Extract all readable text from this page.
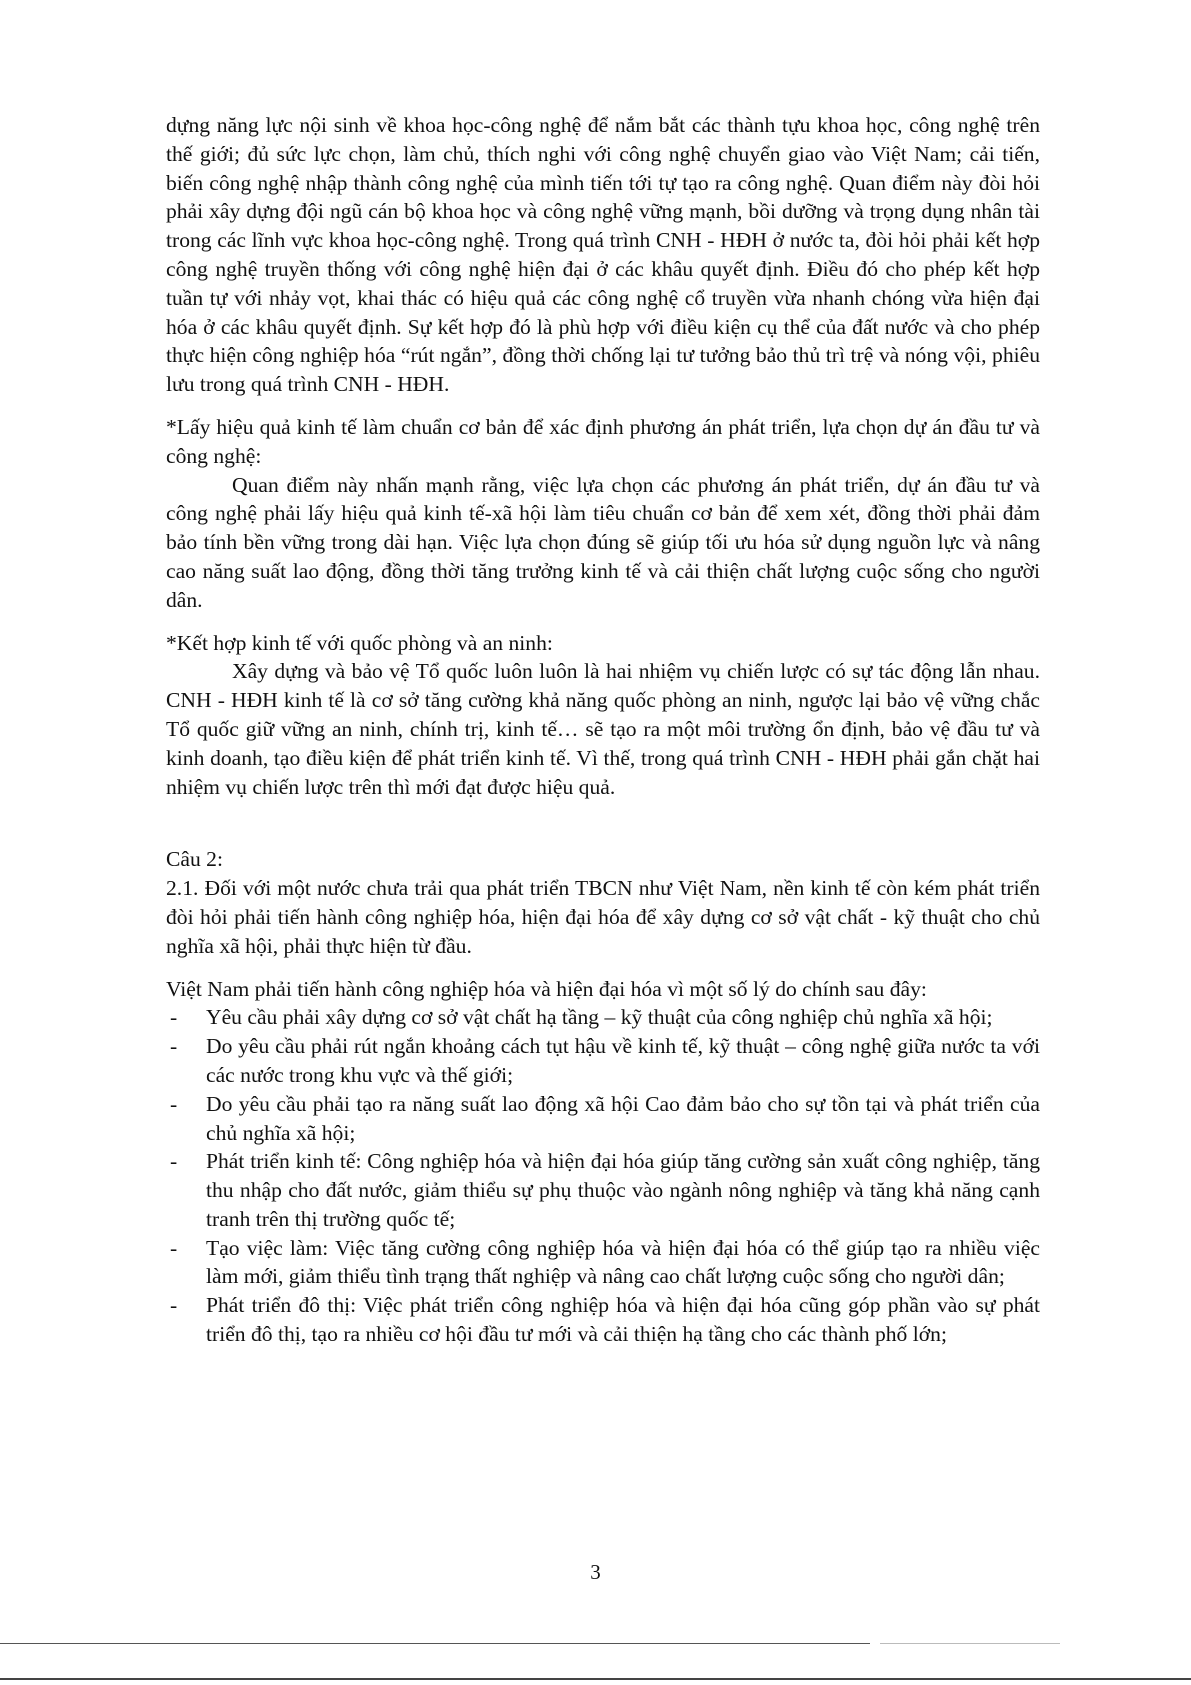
dựng năng lực nội sinh về khoa học-công nghệ để nắm bắt các thành tựu khoa học, công nghệ trên thế giới; đủ sức lực chọn, làm chủ, thích nghi với công nghệ chuyển giao vào Việt Nam; cải tiến, biến công nghệ nhập thành công nghệ của mình tiến tới tự tạo ra công nghệ. Quan điểm này đòi hỏi phải xây dựng đội ngũ cán bộ khoa học và công nghệ vững mạnh, bồi dưỡng và trọng dụng nhân tài trong các lĩnh vực khoa học-công nghệ. Trong quá trình CNH - HĐH ở nước ta, đòi hỏi phải kết hợp công nghệ truyền thống với công nghệ hiện đại ở các khâu quyết định. Điều đó cho phép kết hợp tuần tự với nhảy vọt, khai thác có hiệu quả các công nghệ cổ truyền vừa nhanh chóng vừa hiện đại hóa ở các khâu quyết định. Sự kết hợp đó là phù hợp với điều kiện cụ thể của đất nước và cho phép thực hiện công nghiệp hóa “rút ngắn”, đồng thời chống lại tư tưởng bảo thủ trì trệ và nóng vội, phiêu lưu trong quá trình CNH - HĐH.

*Lấy hiệu quả kinh tế làm chuẩn cơ bản để xác định phương án phát triển, lựa chọn dự án đầu tư và công nghệ:

Quan điểm này nhấn mạnh rằng, việc lựa chọn các phương án phát triển, dự án đầu tư và công nghệ phải lấy hiệu quả kinh tế-xã hội làm tiêu chuẩn cơ bản để xem xét, đồng thời phải đảm bảo tính bền vững trong dài hạn. Việc lựa chọn đúng sẽ giúp tối ưu hóa sử dụng nguồn lực và nâng cao năng suất lao động, đồng thời tăng trưởng kinh tế và cải thiện chất lượng cuộc sống cho người dân.

*Kết hợp kinh tế với quốc phòng và an ninh:

Xây dựng và bảo vệ Tổ quốc luôn luôn là hai nhiệm vụ chiến lược có sự tác động lẫn nhau. CNH - HĐH kinh tế là cơ sở tăng cường khả năng quốc phòng an ninh, ngược lại bảo vệ vững chắc Tổ quốc giữ vững an ninh, chính trị, kinh tế… sẽ tạo ra một môi trường ổn định, bảo vệ đầu tư và kinh doanh, tạo điều kiện để phát triển kinh tế. Vì thế, trong quá trình CNH - HĐH phải gắn chặt hai nhiệm vụ chiến lược trên thì mới đạt được hiệu quả.

Câu 2:

2.1. Đối với một nước chưa trải qua phát triển TBCN như Việt Nam, nền kinh tế còn kém phát triển đòi hỏi phải tiến hành công nghiệp hóa, hiện đại hóa để xây dựng cơ sở vật chất - kỹ thuật cho chủ nghĩa xã hội, phải thực hiện từ đầu.

Việt Nam phải tiến hành công nghiệp hóa và hiện đại hóa vì một số lý do chính sau đây:

- Yêu cầu phải xây dựng cơ sở vật chất hạ tầng – kỹ thuật của công nghiệp chủ nghĩa xã hội;
- Do yêu cầu phải rút ngắn khoảng cách tụt hậu về kinh tế, kỹ thuật – công nghệ giữa nước ta với các nước trong khu vực và thế giới;
- Do yêu cầu phải tạo ra năng suất lao động xã hội Cao đảm bảo cho sự tồn tại và phát triển của chủ nghĩa xã hội;
- Phát triển kinh tế: Công nghiệp hóa và hiện đại hóa giúp tăng cường sản xuất công nghiệp, tăng thu nhập cho đất nước, giảm thiểu sự phụ thuộc vào ngành nông nghiệp và tăng khả năng cạnh tranh trên thị trường quốc tế;
- Tạo việc làm: Việc tăng cường công nghiệp hóa và hiện đại hóa có thể giúp tạo ra nhiều việc làm mới, giảm thiểu tình trạng thất nghiệp và nâng cao chất lượng cuộc sống cho người dân;
- Phát triển đô thị: Việc phát triển công nghiệp hóa và hiện đại hóa cũng góp phần vào sự phát triển đô thị, tạo ra nhiều cơ hội đầu tư mới và cải thiện hạ tầng cho các thành phố lớn;
3
